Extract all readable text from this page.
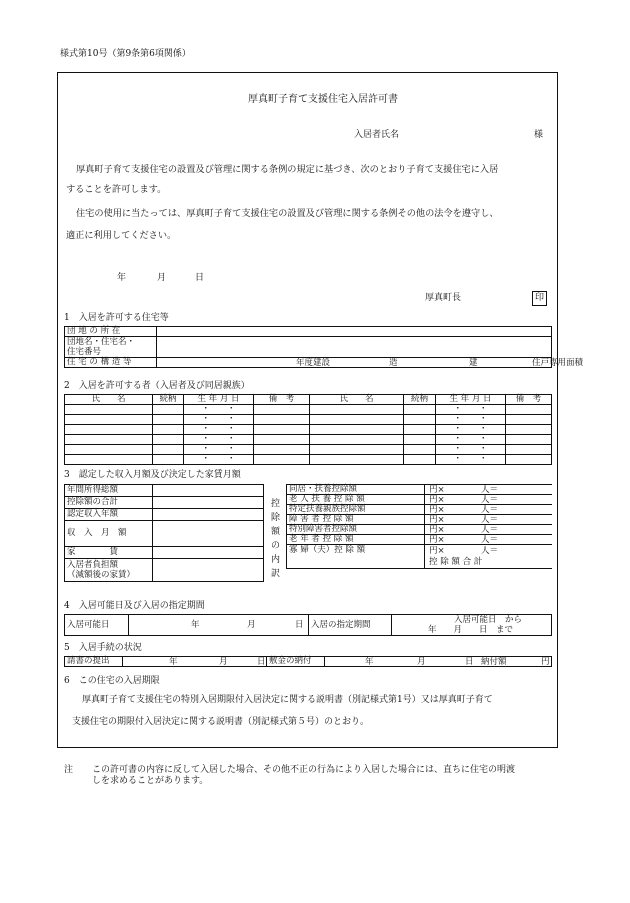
様式第10号（第9条第6項関係）
厚真町子育て支援住宅入居許可書
入居者氏名	様
厚真町子育て支援住宅の設置及び管理に関する条例の規定に基づき、次のとおり子育て支援住宅に入居
することを許可します。
住宅の使用に当たっては、厚真町子育て支援住宅の設置及び管理に関する条例その他の法令を遵守し、
適正に利用してください。
年	月	日
厚真町長	印
1　入居を許可する住宅等
団 地 の 所 在	
団地名・住宅名・
住宅番号	
住 宅 の 構 造 等	年度建設 造 建 住戸専用面積
2　入居を許可する者（入居者及び同居親族）
氏　　名	続柄	生 年 月 日	備　考	氏　　名	続柄	生 年 月 日	備　考
		・　　 ・				・　　 ・	
		・　　 ・				・　　 ・	
		・　　 ・				・　　 ・	
		・　　 ・				・　　 ・	
		・　　 ・				・　　 ・	
		・　　 ・				・　　 ・	
3　認定した収入月額及び決定した家賃月額
年間所得総額	
控除額の合計	
認定収入年額	
収　入　月　額	
家　　　　賃	
入居者負担額
（減額後の家賃）	
控
除
額
の
内
訳
同居・扶養控除額	円× 人＝

老 人 扶 養 控 除 額	円× 人＝

特定扶養親族控除額	円× 人＝

障 害 者 控 除 額	円× 人＝

特別障害者控除額	円× 人＝

老 年 者 控 除 額	円× 人＝

寡 婦（夫）控 除 額	円× 人＝
控 除 額 合 計
4　入居可能日及び入居の指定期間
入居可能日	年	月	日	入居の指定期間	入居可能日　から
年　　月　　日　まで
5　入居手続の状況
請書の提出	年	月	日	敷金の納付	年	月	日 納付額	円
6　この住宅の入居期限
厚真町子育て支援住宅の特別入居期限付入居決定に関する説明書（別記様式第1号）又は厚真町子育て
支援住宅の期限付入居決定に関する説明書（別記様式第５号）のとおり。
注 この許可書の内容に反して入居した場合、その他不正の行為により入居した場合には、直ちに住宅の明渡
しを求めることがあります。
